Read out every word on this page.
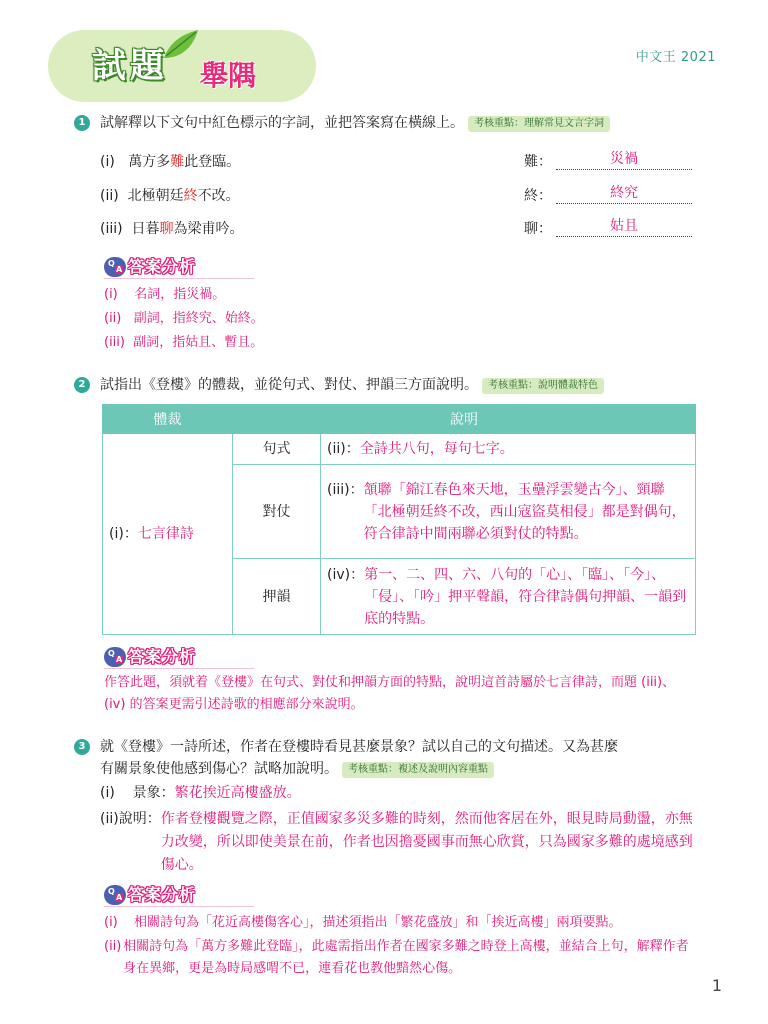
試題 舉隅
中文王 2021
1	試解釋以下文句中紅色標示的字詞，並把答案寫在橫線上。 考核重點：理解常見文言字詞
(i) 萬方多難此登臨。	難：	災禍
(ii) 北極朝廷終不改。	終：	終究
(iii) 日暮聊為梁甫吟。	聊：	姑且
Q
A 答案分析
(i) 名詞，指災禍。
(ii) 副詞，指終究、始終。
(iii) 副詞，指姑且、暫且。
2	試指出《登樓》的體裁，並從句式、對仗、押韻三方面說明。 考核重點：說明體裁特色
體裁	說明	
(i)：七言律詩	句式	(ii)： 全詩共八句，每句七字。

	對仗	(iii)： 頷聯「錦江春色來天地，玉壘浮雲變古今」、頸聯「北極朝廷終不改，西山寇盜莫相侵」都是對偶句，符合律詩中間兩聯必須對仗的特點。

	押韻	(iv)： 第一、二、四、六、八句的「心」、「臨」、「今」、「侵」、「吟」押平聲韻，符合律詩偶句押韻、一韻到底的特點。
Q
A 答案分析
作答此題，須就着《登樓》在句式、對仗和押韻方面的特點，說明這首詩屬於七言律詩，而題 (iii)、(iv) 的答案更需引述詩歌的相應部分來說明。
3	就《登樓》一詩所述，作者在登樓時看見甚麼景象？試以自己的文句描述。又為甚麼
有關景象使他感到傷心？試略加說明。 考核重點：複述及說明內容重點
(i) 景象：繁花挨近高樓盛放。
(ii) 說明： 作者登樓觀覽之際，正值國家多災多難的時刻，然而他客居在外，眼見時局動盪，亦無力改變，所以即使美景在前，作者也因擔憂國事而無心欣賞，只為國家多難的處境感到傷心。
Q
A 答案分析
(i)	相關詩句為「花近高樓傷客心」，描述須指出「繁花盛放」和「挨近高樓」兩項要點。
(ii) 相關詩句為「萬方多難此登臨」，此處需指出作者在國家多難之時登上高樓，並結合上句，解釋作者身在異鄉，更是為時局感喟不已，連看花也教他黯然心傷。
1
